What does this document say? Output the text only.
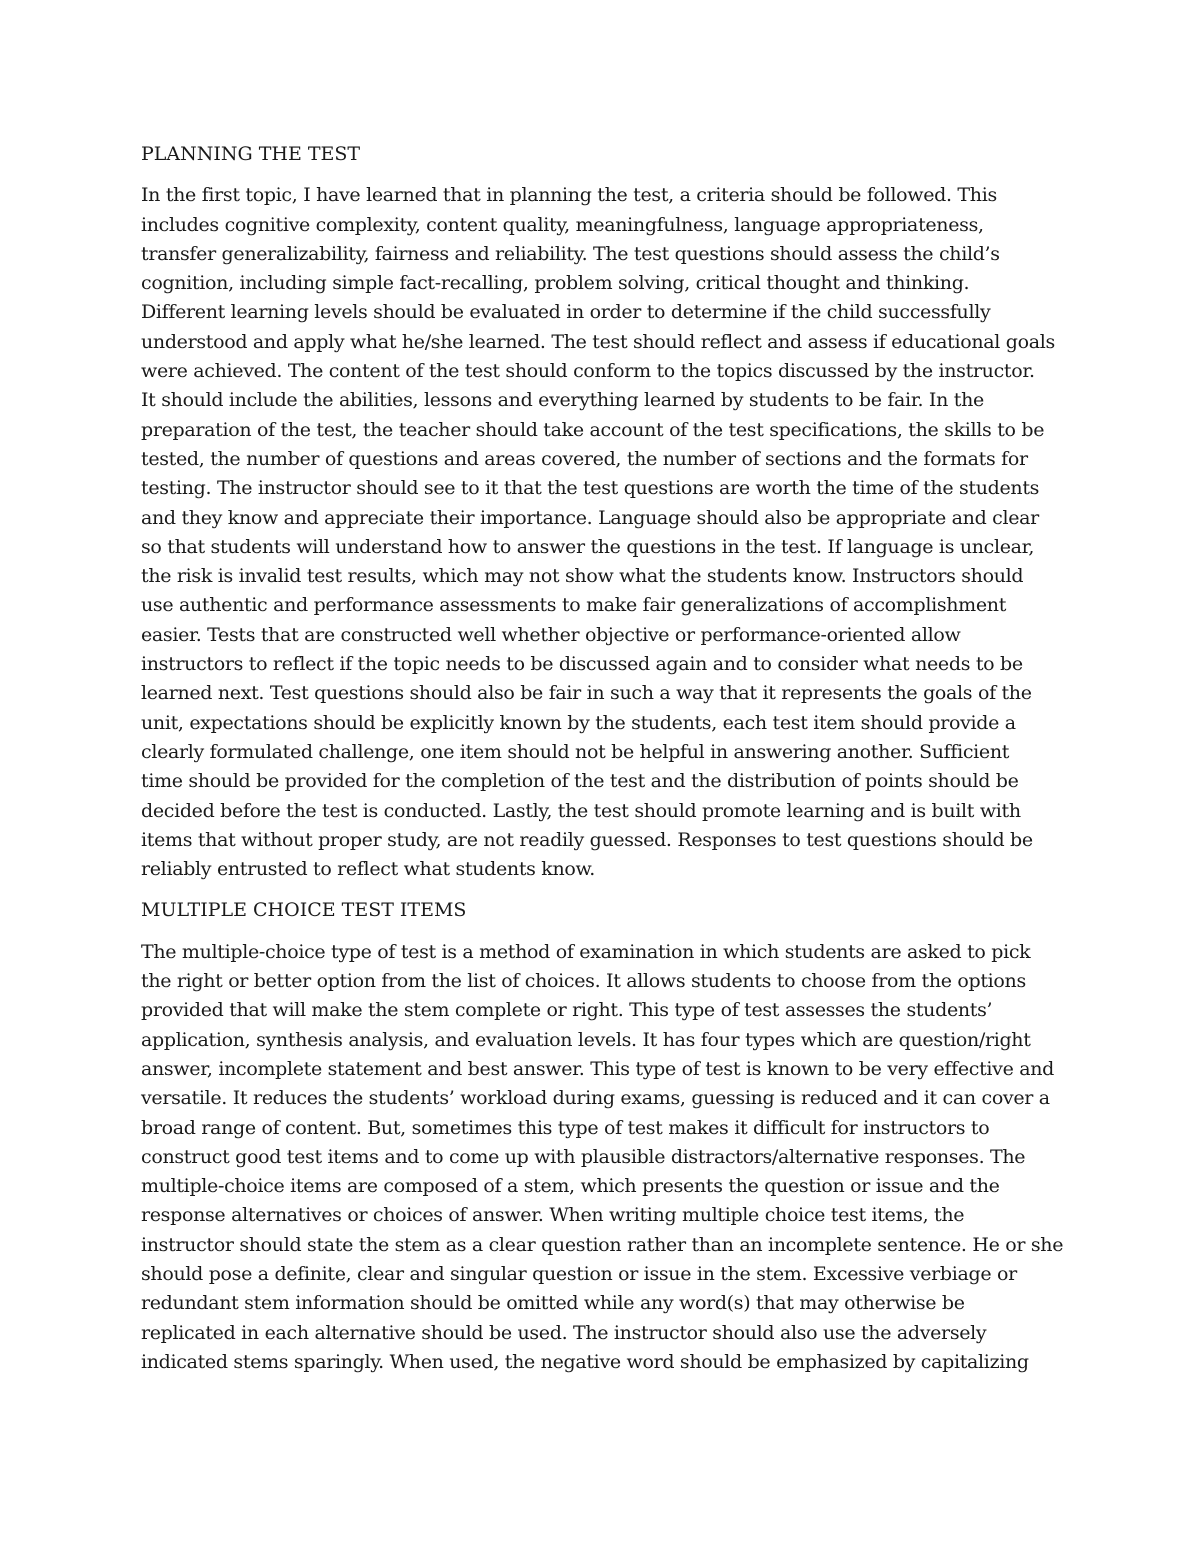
PLANNING THE TEST
In the first topic, I have learned that in planning the test, a criteria should be followed. This
includes cognitive complexity, content quality, meaningfulness, language appropriateness,
transfer generalizability, fairness and reliability. The test questions should assess the child’s
cognition, including simple fact-recalling, problem solving, critical thought and thinking.
Different learning levels should be evaluated in order to determine if the child successfully
understood and apply what he/she learned. The test should reflect and assess if educational goals
were achieved. The content of the test should conform to the topics discussed by the instructor.
It should include the abilities, lessons and everything learned by students to be fair. In the
preparation of the test, the teacher should take account of the test specifications, the skills to be
tested, the number of questions and areas covered, the number of sections and the formats for
testing. The instructor should see to it that the test questions are worth the time of the students
and they know and appreciate their importance. Language should also be appropriate and clear
so that students will understand how to answer the questions in the test. If language is unclear,
the risk is invalid test results, which may not show what the students know. Instructors should
use authentic and performance assessments to make fair generalizations of accomplishment
easier. Tests that are constructed well whether objective or performance-oriented allow
instructors to reflect if the topic needs to be discussed again and to consider what needs to be
learned next. Test questions should also be fair in such a way that it represents the goals of the
unit, expectations should be explicitly known by the students, each test item should provide a
clearly formulated challenge, one item should not be helpful in answering another. Sufficient
time should be provided for the completion of the test and the distribution of points should be
decided before the test is conducted. Lastly, the test should promote learning and is built with
items that without proper study, are not readily guessed. Responses to test questions should be
reliably entrusted to reflect what students know.
MULTIPLE CHOICE TEST ITEMS
The multiple-choice type of test is a method of examination in which students are asked to pick
the right or better option from the list of choices. It allows students to choose from the options
provided that will make the stem complete or right. This type of test assesses the students’
application, synthesis analysis, and evaluation levels. It has four types which are question/right
answer, incomplete statement and best answer. This type of test is known to be very effective and
versatile. It reduces the students’ workload during exams, guessing is reduced and it can cover a
broad range of content. But, sometimes this type of test makes it difficult for instructors to
construct good test items and to come up with plausible distractors/alternative responses. The
multiple-choice items are composed of a stem, which presents the question or issue and the
response alternatives or choices of answer. When writing multiple choice test items, the
instructor should state the stem as a clear question rather than an incomplete sentence. He or she
should pose a definite, clear and singular question or issue in the stem. Excessive verbiage or
redundant stem information should be omitted while any word(s) that may otherwise be
replicated in each alternative should be used. The instructor should also use the adversely
indicated stems sparingly. When used, the negative word should be emphasized by capitalizing
